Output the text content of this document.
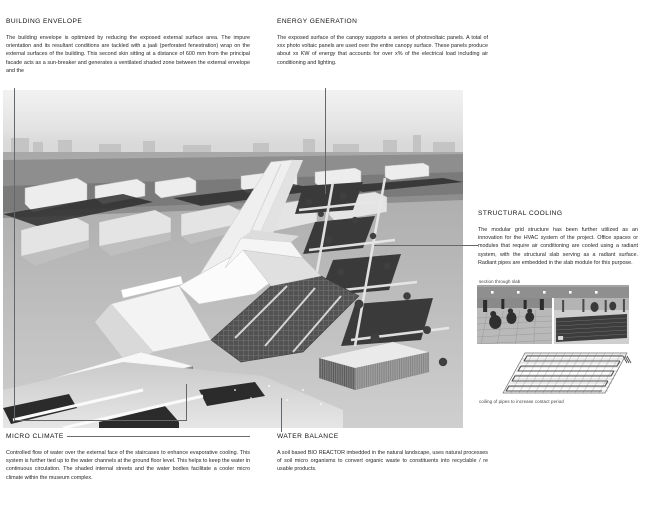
BUILDING ENVELOPE
The building envelope is optimized by reducing the exposed external surface area. The impure orientation and its resultant conditions are tackled with a jaali (perforated fenestration) wrap on the external surfaces of the building. This second skin sitting at a distance of 600 mm from the principal facade acts as a sun-breaker and generates a ventilated shaded zone between the external envelope and the
ENERGY GENERATION
The exposed surface of the canopy supports a series of photovoltaic panels. A total of xxx photo voltaic panels are used over the entire canopy surface. These panels produce about xx KW of energy that accounts for over x% of the electrical load including air conditioning and lighting.
STRUCTURAL COOLING
The modular grid structure has been further utilized as an innovation for the HVAC system of the project. Office spaces or modules that require air conditioning are cooled using a radiant system, with the structural slab serving as a radiant surface. Radiant pipes are embedded in the slab module for this purpose.
MICRO CLIMATE
Controlled flow of water over the external face of the staircases to enhance evaporative cooling. This system is further tied up to the water channels at the ground floor level. This helps to keep the water in continuous circulation. The shaded internal streets and the water bodies facilitate a cooler micro climate within the museum complex.
WATER BALANCE
A soil based BIO REACTOR imbedded in the natural landscape, uses natural processes of soil micro organisms to convert organic waste to constituents into recyclable / re usable products.
section through slab
coiling of pipes to increase contact period
